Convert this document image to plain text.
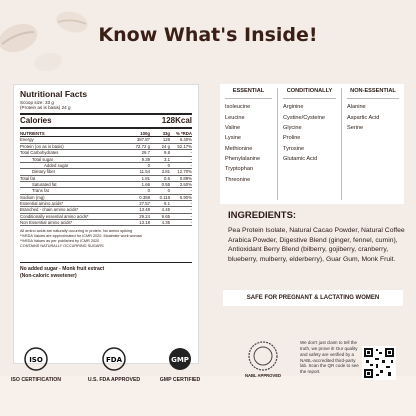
Know What's Inside!
Nutritional Facts
Scoop size: 33 g
(Protein as is basis) 24 g
Calories	128Kcal
NUTRIENTS	100g	33g	% *RDA
Energy	387.87	128	6.40%
Protein (on as is basis)	72.72 g	24 g	52.17%
Total Carbohydrates	29.7	9.8	-
Total sugar	9.39	3.1	-
Added sugar	0	0	-
Dietary fiber	11.54	3.81	12.70%
Total fat	1.81	0.6	0.89%
Saturated fat	1.66	0.55	2.50%
Trans fat	0	0	-
Sodium (mg)	0.358	0.118	5.90%
Essential amino acids*	27.57	9.1	-
Branched - chain amino acids*	13.48	4.45	-
Conditionally essential amino acids*	29.24	9.65	-
Non Essential amino acids*	13.18	4.35	-
All amino acids are naturally occurring in protein. No amino spiking
*%RDA Values are approximated for ICMR 2020. Moderate work woman
*%RDA Values as per published by ICMR 2020
CONTAINS NATURALLY OCCURRING SUGARS
No added sugar - Monk fruit extract
(Non-caloric sweetener)
ESSENTIAL
Isoleucine
Leucine
Valine
Lysine
Methionine
Phenylalanine
Tryptophan
Threonine
CONDITIONALLY
Arginine
Cystine/Cysteine
Glycine
Proline
Tyrosine
Glutamic Acid
NON-ESSENTIAL
Alanine
Aspartic Acid
Serine
INGREDIENTS:
Pea Protein Isolate, Natural Cacao Powder, Natural Coffee Arabica Powder, Digestive Blend (ginger, fennel, cumin), Antioxidant Berry Blend (bilberry, gojiberry, cranberry, blueberry, mulberry, elderberry), Guar Gum, Monk Fruit.
SAFE FOR PREGNANT & LACTATING WOMEN
ISO
ISO CERTIFICATION
FDA
U.S. FDA APPROVED
GMP
GMP CERTIFIED
NABL APPROVED
We don't just claim to tell the truth, we prove it! Our quality and safety are verified by a NABL-accredited third-party lab. Scan the QR code to see the report.
